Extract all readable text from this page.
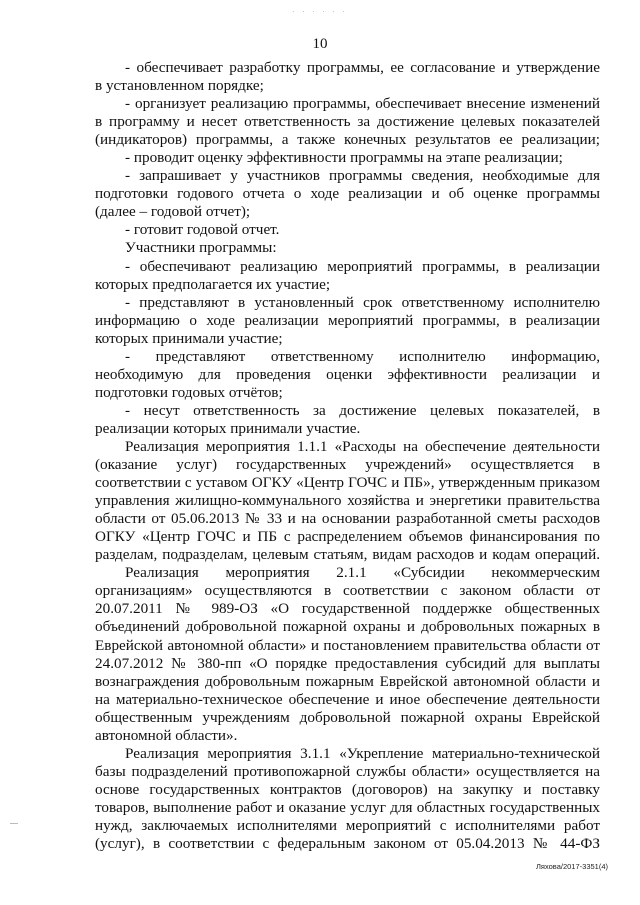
· · · · · ·
10
- обеспечивает разработку программы, ее согласование и утверждение
в установленном порядке;
- организует реализацию программы, обеспечивает внесение изменений
в программу и несет ответственность за достижение целевых показателей
(индикаторов) программы, а также конечных результатов ее реализации;
- проводит оценку эффективности программы на этапе реализации;
- запрашивает у участников программы сведения, необходимые для
подготовки годового отчета о ходе реализации и об оценке программы
(далее – годовой отчет);
- готовит годовой отчет.
Участники программы:
- обеспечивают реализацию мероприятий программы, в реализации
которых предполагается их участие;
- представляют в установленный срок ответственному исполнителю
информацию о ходе реализации мероприятий программы, в реализации
которых принимали участие;
- представляют ответственному исполнителю информацию,
необходимую для проведения оценки эффективности реализации и
подготовки годовых отчётов;
- несут ответственность за достижение целевых показателей, в
реализации которых принимали участие.
Реализация мероприятия 1.1.1 «Расходы на обеспечение деятельности
(оказание услуг) государственных учреждений» осуществляется в
соответствии с уставом ОГКУ «Центр ГОЧС и ПБ», утвержденным приказом
управления жилищно-коммунального хозяйства и энергетики правительства
области от 05.06.2013 № 33 и на основании разработанной сметы расходов
ОГКУ «Центр ГОЧС и ПБ с распределением объемов финансирования по
разделам, подразделам, целевым статьям, видам расходов и кодам операций.
Реализация мероприятия 2.1.1 «Субсидии некоммерческим
организациям» осуществляются в соответствии с законом области от
20.07.2011 № 989-ОЗ «О государственной поддержке общественных
объединений добровольной пожарной охраны и добровольных пожарных в
Еврейской автономной области» и постановлением правительства области от
24.07.2012 № 380-пп «О порядке предоставления субсидий для выплаты
вознаграждения добровольным пожарным Еврейской автономной области и
на материально-техническое обеспечение и иное обеспечение деятельности
общественным учреждениям добровольной пожарной охраны Еврейской
автономной области».
Реализация мероприятия 3.1.1 «Укрепление материально-технической
базы подразделений противопожарной службы области» осуществляется на
основе государственных контрактов (договоров) на закупку и поставку
товаров, выполнение работ и оказание услуг для областных государственных
нужд, заключаемых исполнителями мероприятий с исполнителями работ
(услуг), в соответствии с федеральным законом от 05.04.2013 № 44-ФЗ
Ляхова/2017-3351(4)
